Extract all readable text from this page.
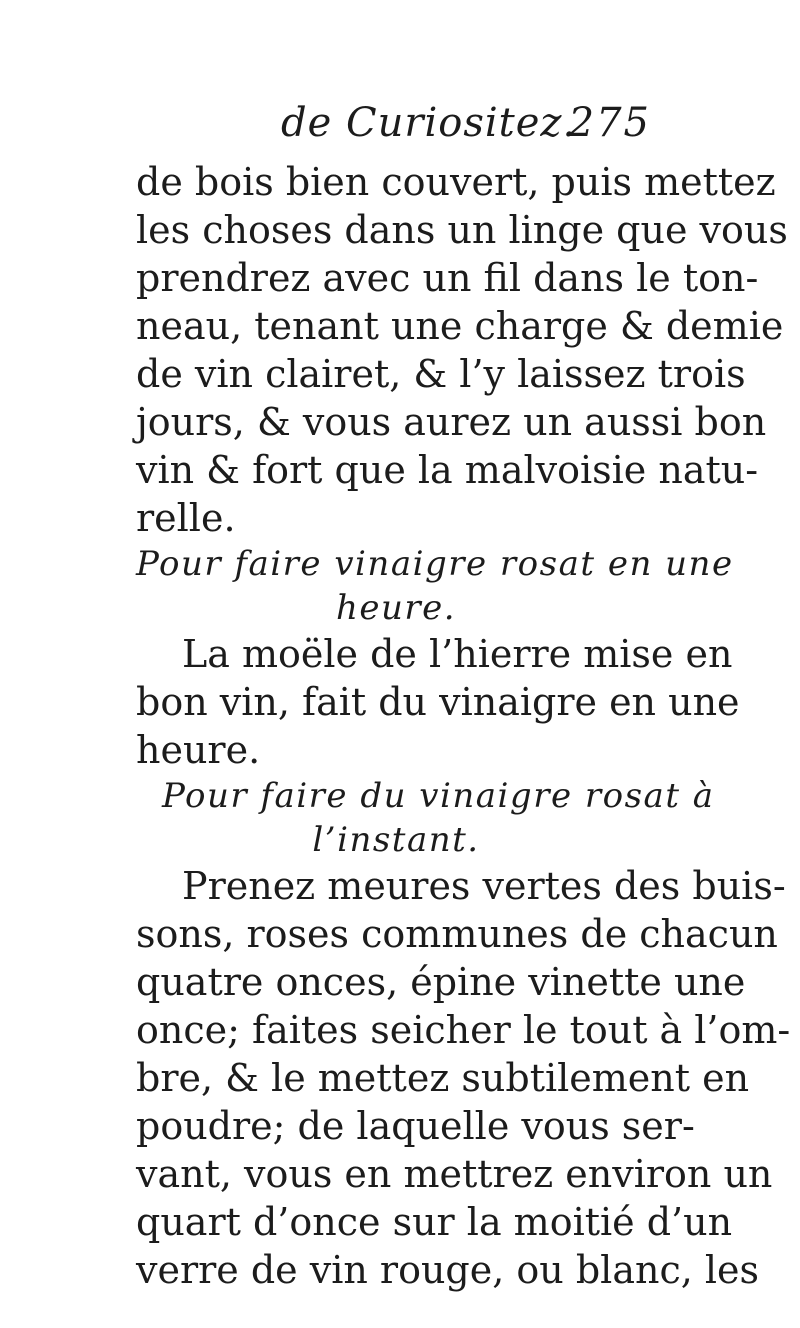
de Curiositez.
275
de bois bien couvert, puis mettez
les choses dans un linge que vous
prendrez avec un fil dans le ton-
neau, tenant une charge & demie
de vin clairet, & l’y laissez trois
jours, & vous aurez un aussi bon
vin & fort que la malvoisie natu-
relle.
Pour faire vinaigre rosat en une
heure.
La moële de l’hierre mise en
bon vin, fait du vinaigre en une
heure.
Pour faire du vinaigre rosat à
l’instant.
Prenez meures vertes des buis-
sons, roses communes de chacun
quatre onces, épine vinette une
once; faites seicher le tout à l’om-
bre, & le mettez subtilement en
poudre; de laquelle vous ser-
vant, vous en mettrez environ un
quart d’once sur la moitié d’un
verre de vin rouge, ou blanc, les
